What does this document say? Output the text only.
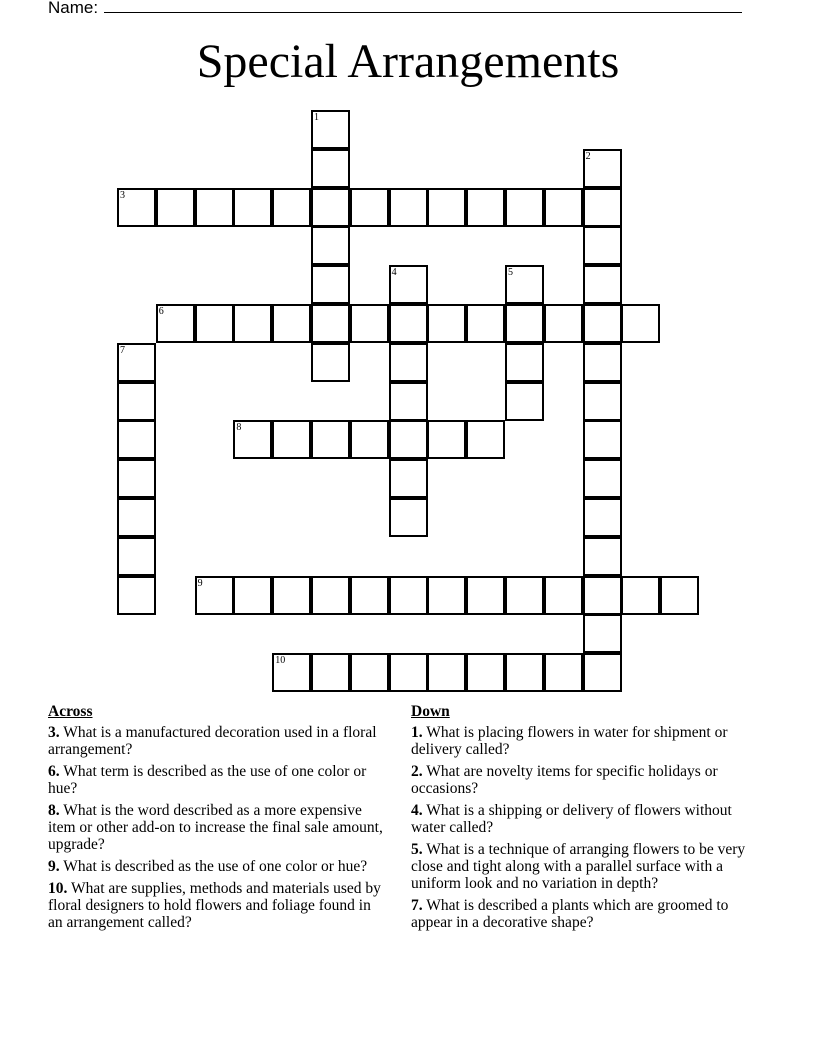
Name:
Special Arrangements
1
2
3
4	5
6
7
8
9
10
Across
3. What is a manufactured decoration used in a floral arrangement?
6. What term is described as the use of one color or hue?
8. What is the word described as a more expensive item or other add-on to increase the final sale amount, upgrade?
9. What is described as the use of one color or hue?
10. What are supplies, methods and materials used by floral designers to hold flowers and foliage found in an arrangement called?
Down
1. What is placing flowers in water for shipment or delivery called?
2. What are novelty items for specific holidays or occasions?
4. What is a shipping or delivery of flowers without water called?
5. What is a technique of arranging flowers to be very close and tight along with a parallel surface with a uniform look and no variation in depth?
7. What is described a plants which are groomed to appear in a decorative shape?
